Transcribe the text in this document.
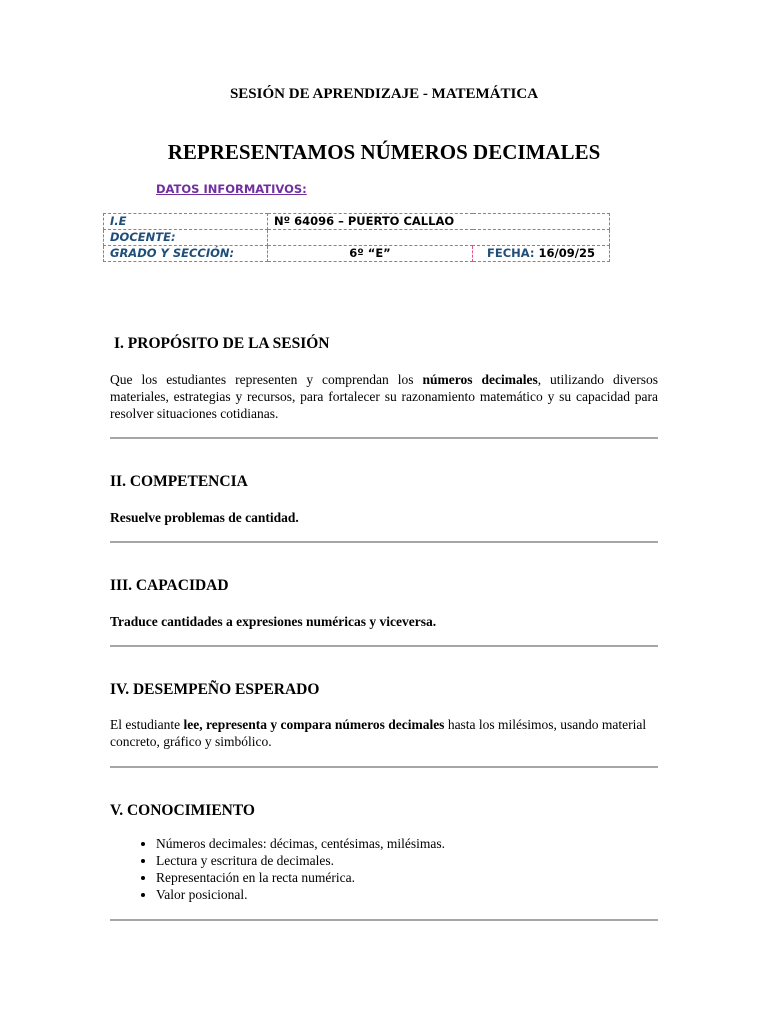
SESIÓN DE APRENDIZAJE - MATEMÁTICA
REPRESENTAMOS NÚMEROS DECIMALES
DATOS INFORMATIVOS:
I.E	Nº 64096 – PUERTO CALLAO	
DOCENTE:		
GRADO Y SECCIÓN:	6º “E”	FECHA: 16/09/25
I. PROPÓSITO DE LA SESIÓN
Que los estudiantes representen y comprendan los números decimales, utilizando diversos materiales, estrategias y recursos, para fortalecer su razonamiento matemático y su capacidad para resolver situaciones cotidianas.
II. COMPETENCIA
Resuelve problemas de cantidad.
III. CAPACIDAD
Traduce cantidades a expresiones numéricas y viceversa.
IV. DESEMPEÑO ESPERADO
El estudiante lee, representa y compara números decimales hasta los milésimos, usando material concreto, gráfico y simbólico.
V. CONOCIMIENTO
• Números decimales: décimas, centésimas, milésimas.
• Lectura y escritura de decimales.
• Representación en la recta numérica.
• Valor posicional.
